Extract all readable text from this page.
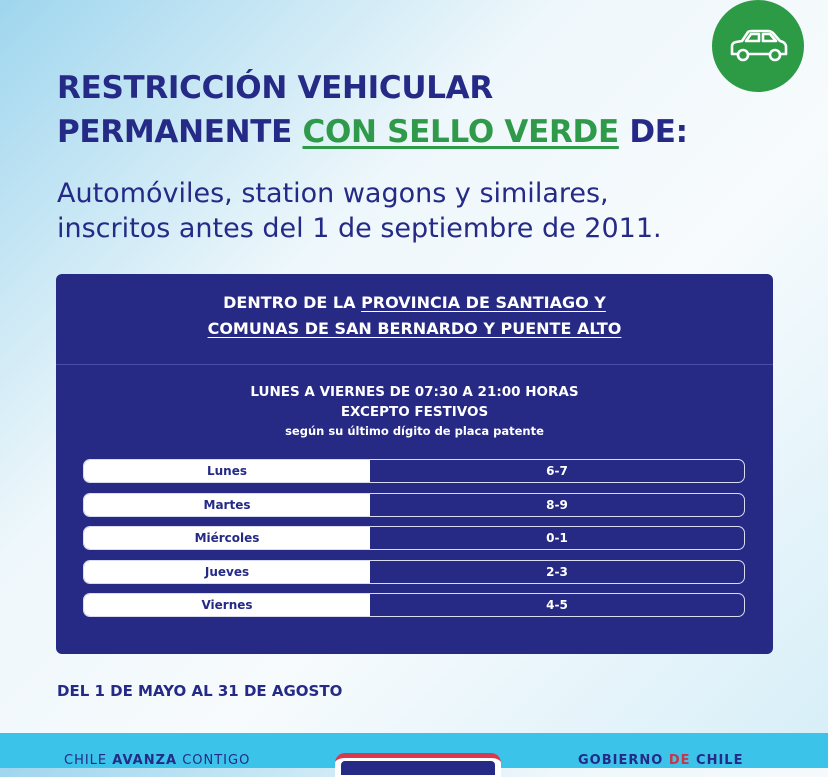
RESTRICCIÓN VEHICULAR
PERMANENTE CON SELLO VERDE DE:
Automóviles, station wagons y similares,
inscritos antes del 1 de septiembre de 2011.
DENTRO DE LA PROVINCIA DE SANTIAGO Y
COMUNAS DE SAN BERNARDO Y PUENTE ALTO
LUNES A VIERNES DE 07:30 A 21:00 HORAS
EXCEPTO FESTIVOS
según su último dígito de placa patente
Lunes	6-7
Martes	8-9
Miércoles	0-1
Jueves	2-3
Viernes	4-5
DEL 1 DE MAYO AL 31 DE AGOSTO
CHILE AVANZA CONTIGO	GOBIERNO DE CHILE
